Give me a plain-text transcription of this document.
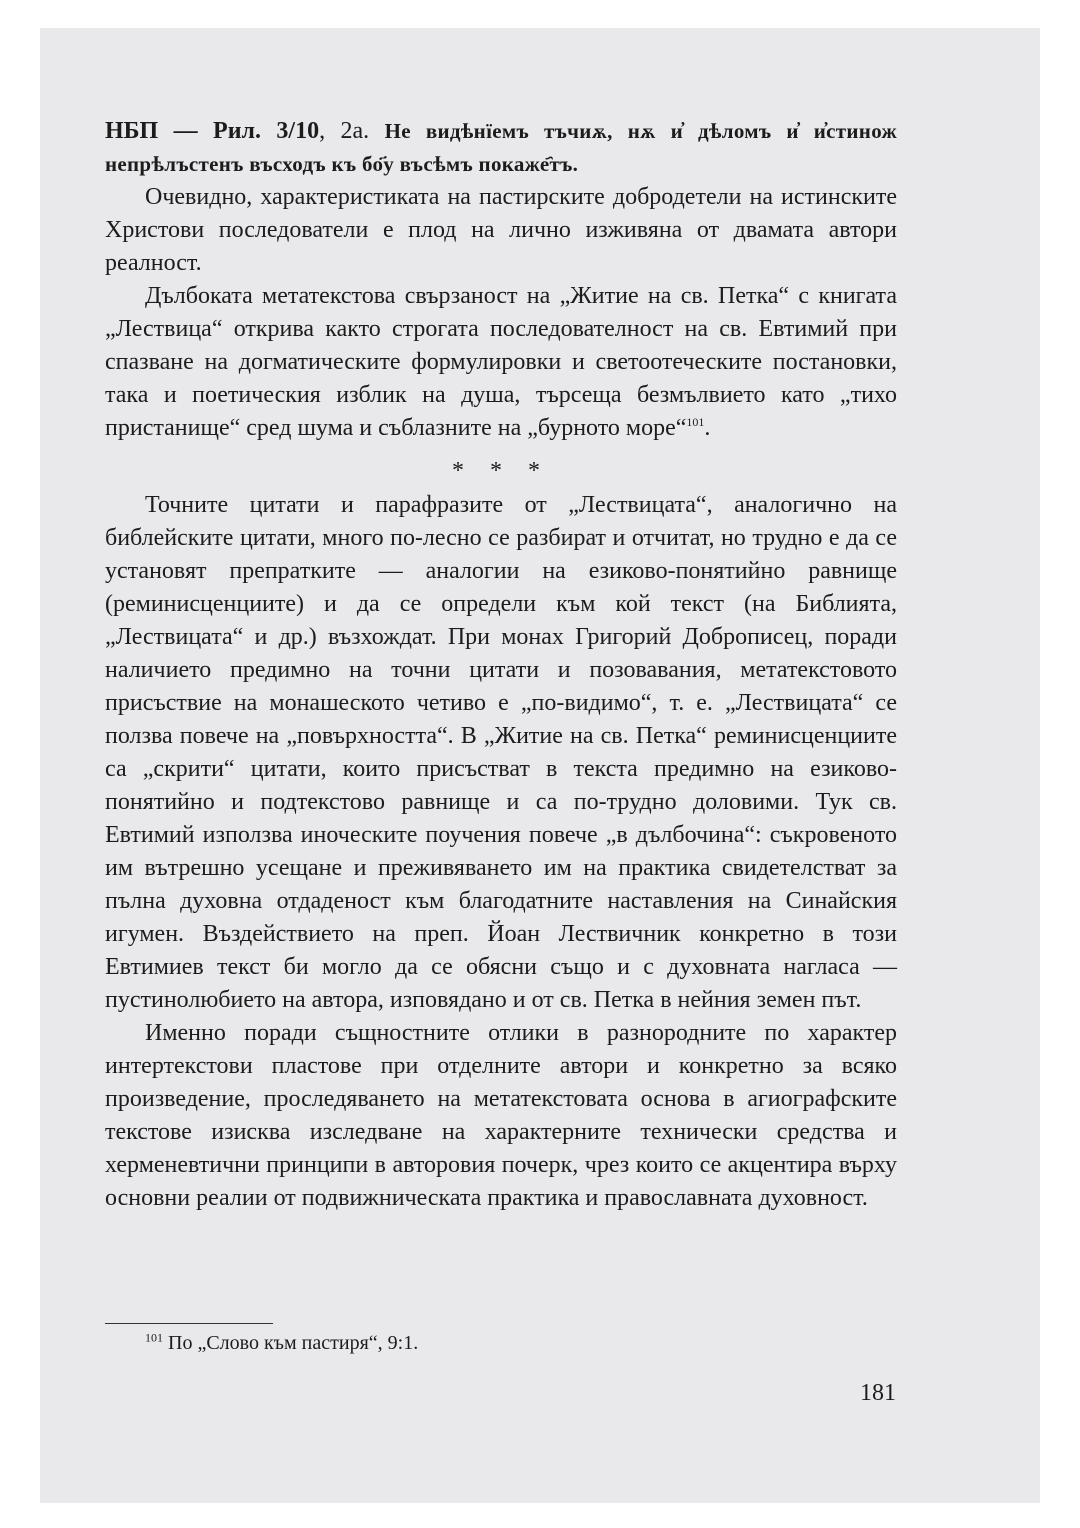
НБП — Рил. 3/10, 2а. Не видѣнїемъ тъчиѫ, нѫ и҆ дѣломъ и҆ и҆стинож непрѣлъстенъ въсходъ къ бо҃у въсѣмъ покаже҄тъ.

Очевидно, характеристиката на пастирските добродетели на истинските Христови последователи е плод на лично изживяна от двамата автори реалност.

Дълбоката метатекстова свързаност на „Житие на св. Петка“ с книгата „Лествица“ открива както строгата последователност на св. Евтимий при спазване на догматическите формулировки и светоотеческите постановки, така и поетическия изблик на душа, търсеща безмълвието като „тихо пристанище“ сред шума и съблазните на „бурното море“$^{101}$.

* * *

Точните цитати и парафразите от „Лествицата“, аналогично на библейските цитати, много по-лесно се разбират и отчитат, но трудно е да се установят препратките — аналогии на езиково-понятийно равнище (реминисценциите) и да се определи към кой текст (на Библията, „Лествицата“ и др.) възхождат. При монах Григорий Доброписец, поради наличието предимно на точни цитати и позовавания, метатекстовото присъствие на монашеското четиво е „по-видимо“, т. е. „Лествицата“ се ползва повече на „повърхността“. В „Житие на св. Петка“ реминисценциите са „скрити“ цитати, които присъстват в текста предимно на езиково-понятийно и подтекстово равнище и са по-трудно доловими. Тук св. Евтимий използва иноческите поучения повече „в дълбочина“: съкровеното им вътрешно усещане и преживяването им на практика свидетелстват за пълна духовна отдаденост към благодатните наставления на Синайския игумен. Въздействието на преп. Йоан Лествичник конкретно в този Евтимиев текст би могло да се обясни също и с духовната нагласа — пустинолюбието на автора, изповядано и от св. Петка в нейния земен път.

Именно поради същностните отлики в разнородните по характер интертекстови пластове при отделните автори и конкретно за всяко произведение, проследяването на метатекстовата основа в агиографските текстове изисква изследване на характерните технически средства и херменевтични принципи в авторовия почерк, чрез които се акцентира върху основни реалии от подвижническата практика и православната духовност.

$^{101}$ По „Слово към пастиря“, 9:1.
181
